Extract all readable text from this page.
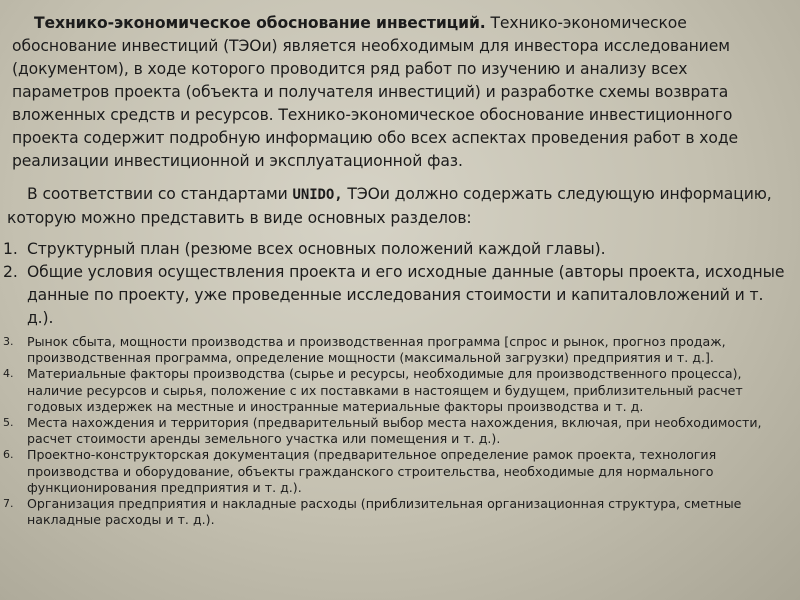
Технико-экономическое обоснование инвестиций. Технико-экономическое обоснование инвестиций (ТЭОи) является необходимым для инвестора исследованием (документом), в ходе которого проводится ряд работ по изучению и анализу всех параметров проекта (объекта и получателя инвестиций) и разработке схемы возврата вложенных средств и ресурсов. Технико-экономическое обоснование инвестиционного проекта содержит подробную информацию обо всех аспектах проведения работ в ходе реализации инвестиционной и эксплуатационной фаз.
В соответствии со стандартами UNIDO, ТЭОи должно содержать следующую информацию, которую можно представить в виде основных разделов:
1. Структурный план (резюме всех основных положений каждой главы).
2. Общие условия осуществления проекта и его исходные данные (авторы проекта, исходные данные по проекту, уже проведенные исследования стоимости и капиталовложений и т. д.).
3. Рынок сбыта, мощности производства и производственная программа [спрос и рынок, прогноз продаж, производственная программа, определение мощности (максимальной загрузки) предприятия и т. д.].
4. Материальные факторы производства (сырье и ресурсы, необходимые для производственного процесса), наличие ресурсов и сырья, положение с их поставками в настоящем и будущем, приблизительный расчет годовых издержек на местные и иностранные материальные факторы производства и т. д.
5. Места нахождения и территория (предварительный выбор места нахождения, включая, при необходимости, расчет стоимости аренды земельного участка или помещения и т. д.).
6. Проектно-конструкторская документация (предварительное определение рамок проекта, технология производства и оборудование, объекты гражданского строительства, необходимые для нормального функционирования предприятия и т. д.).
7. Организация предприятия и накладные расходы (приблизительная организационная структура, сметные накладные расходы и т. д.).
